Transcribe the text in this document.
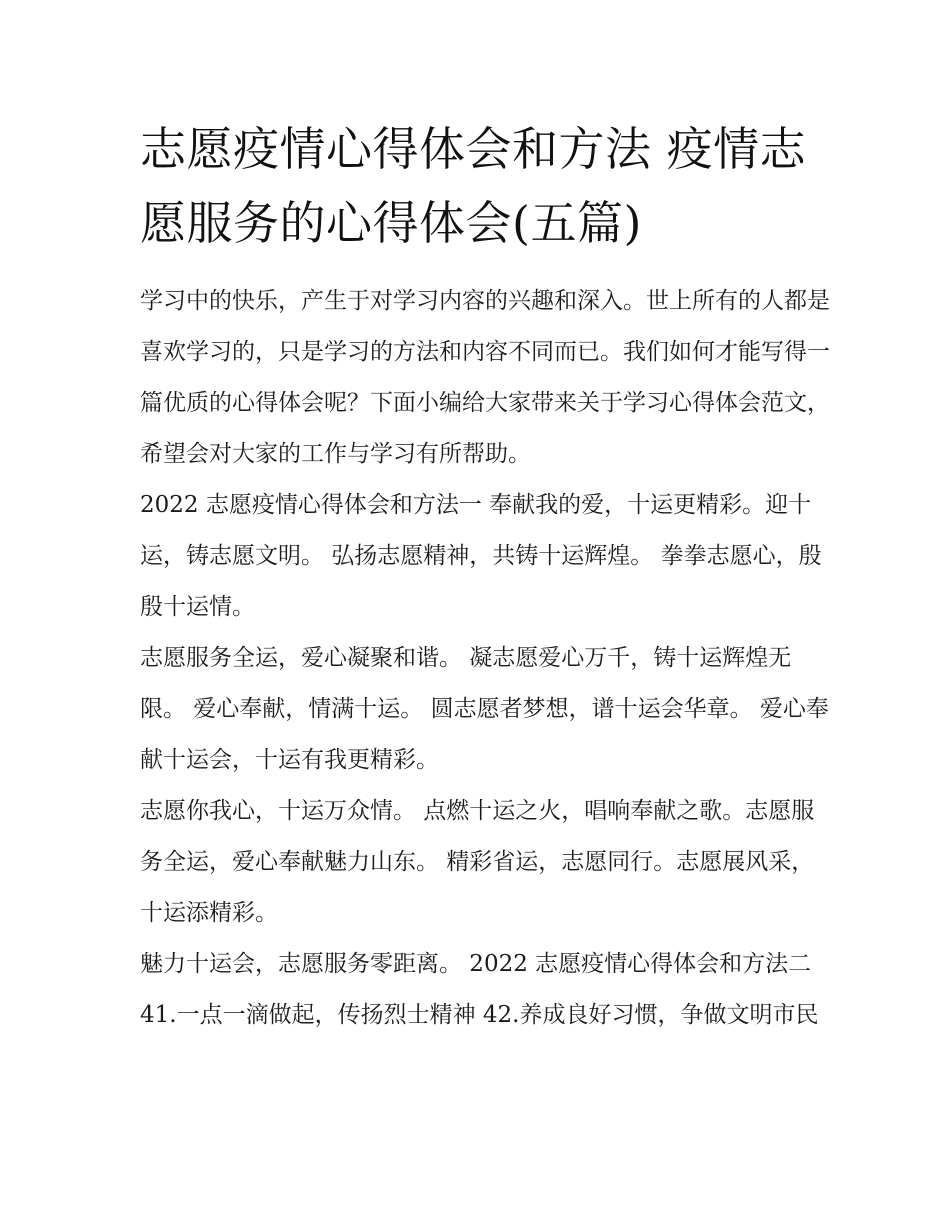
志愿疫情心得体会和方法 疫情志愿服务的心得体会(五篇)

学习中的快乐，产生于对学习内容的兴趣和深入。世上所有的人都是喜欢学习的，只是学习的方法和内容不同而已。我们如何才能写得一篇优质的心得体会呢？下面小编给大家带来关于学习心得体会范文，希望会对大家的工作与学习有所帮助。

2022 志愿疫情心得体会和方法一 奉献我的爱，十运更精彩。迎十运，铸志愿文明。 弘扬志愿精神，共铸十运辉煌。 拳拳志愿心，殷殷十运情。

志愿服务全运，爱心凝聚和谐。 凝志愿爱心万千，铸十运辉煌无限。 爱心奉献，情满十运。 圆志愿者梦想，谱十运会华章。 爱心奉献十运会，十运有我更精彩。

志愿你我心，十运万众情。 点燃十运之火，唱响奉献之歌。志愿服务全运，爱心奉献魅力山东。 精彩省运，志愿同行。志愿展风采，十运添精彩。

魅力十运会，志愿服务零距离。 2022 志愿疫情心得体会和方法二 41.一点一滴做起，传扬烈士精神 42.养成良好习惯，争做文明市民
